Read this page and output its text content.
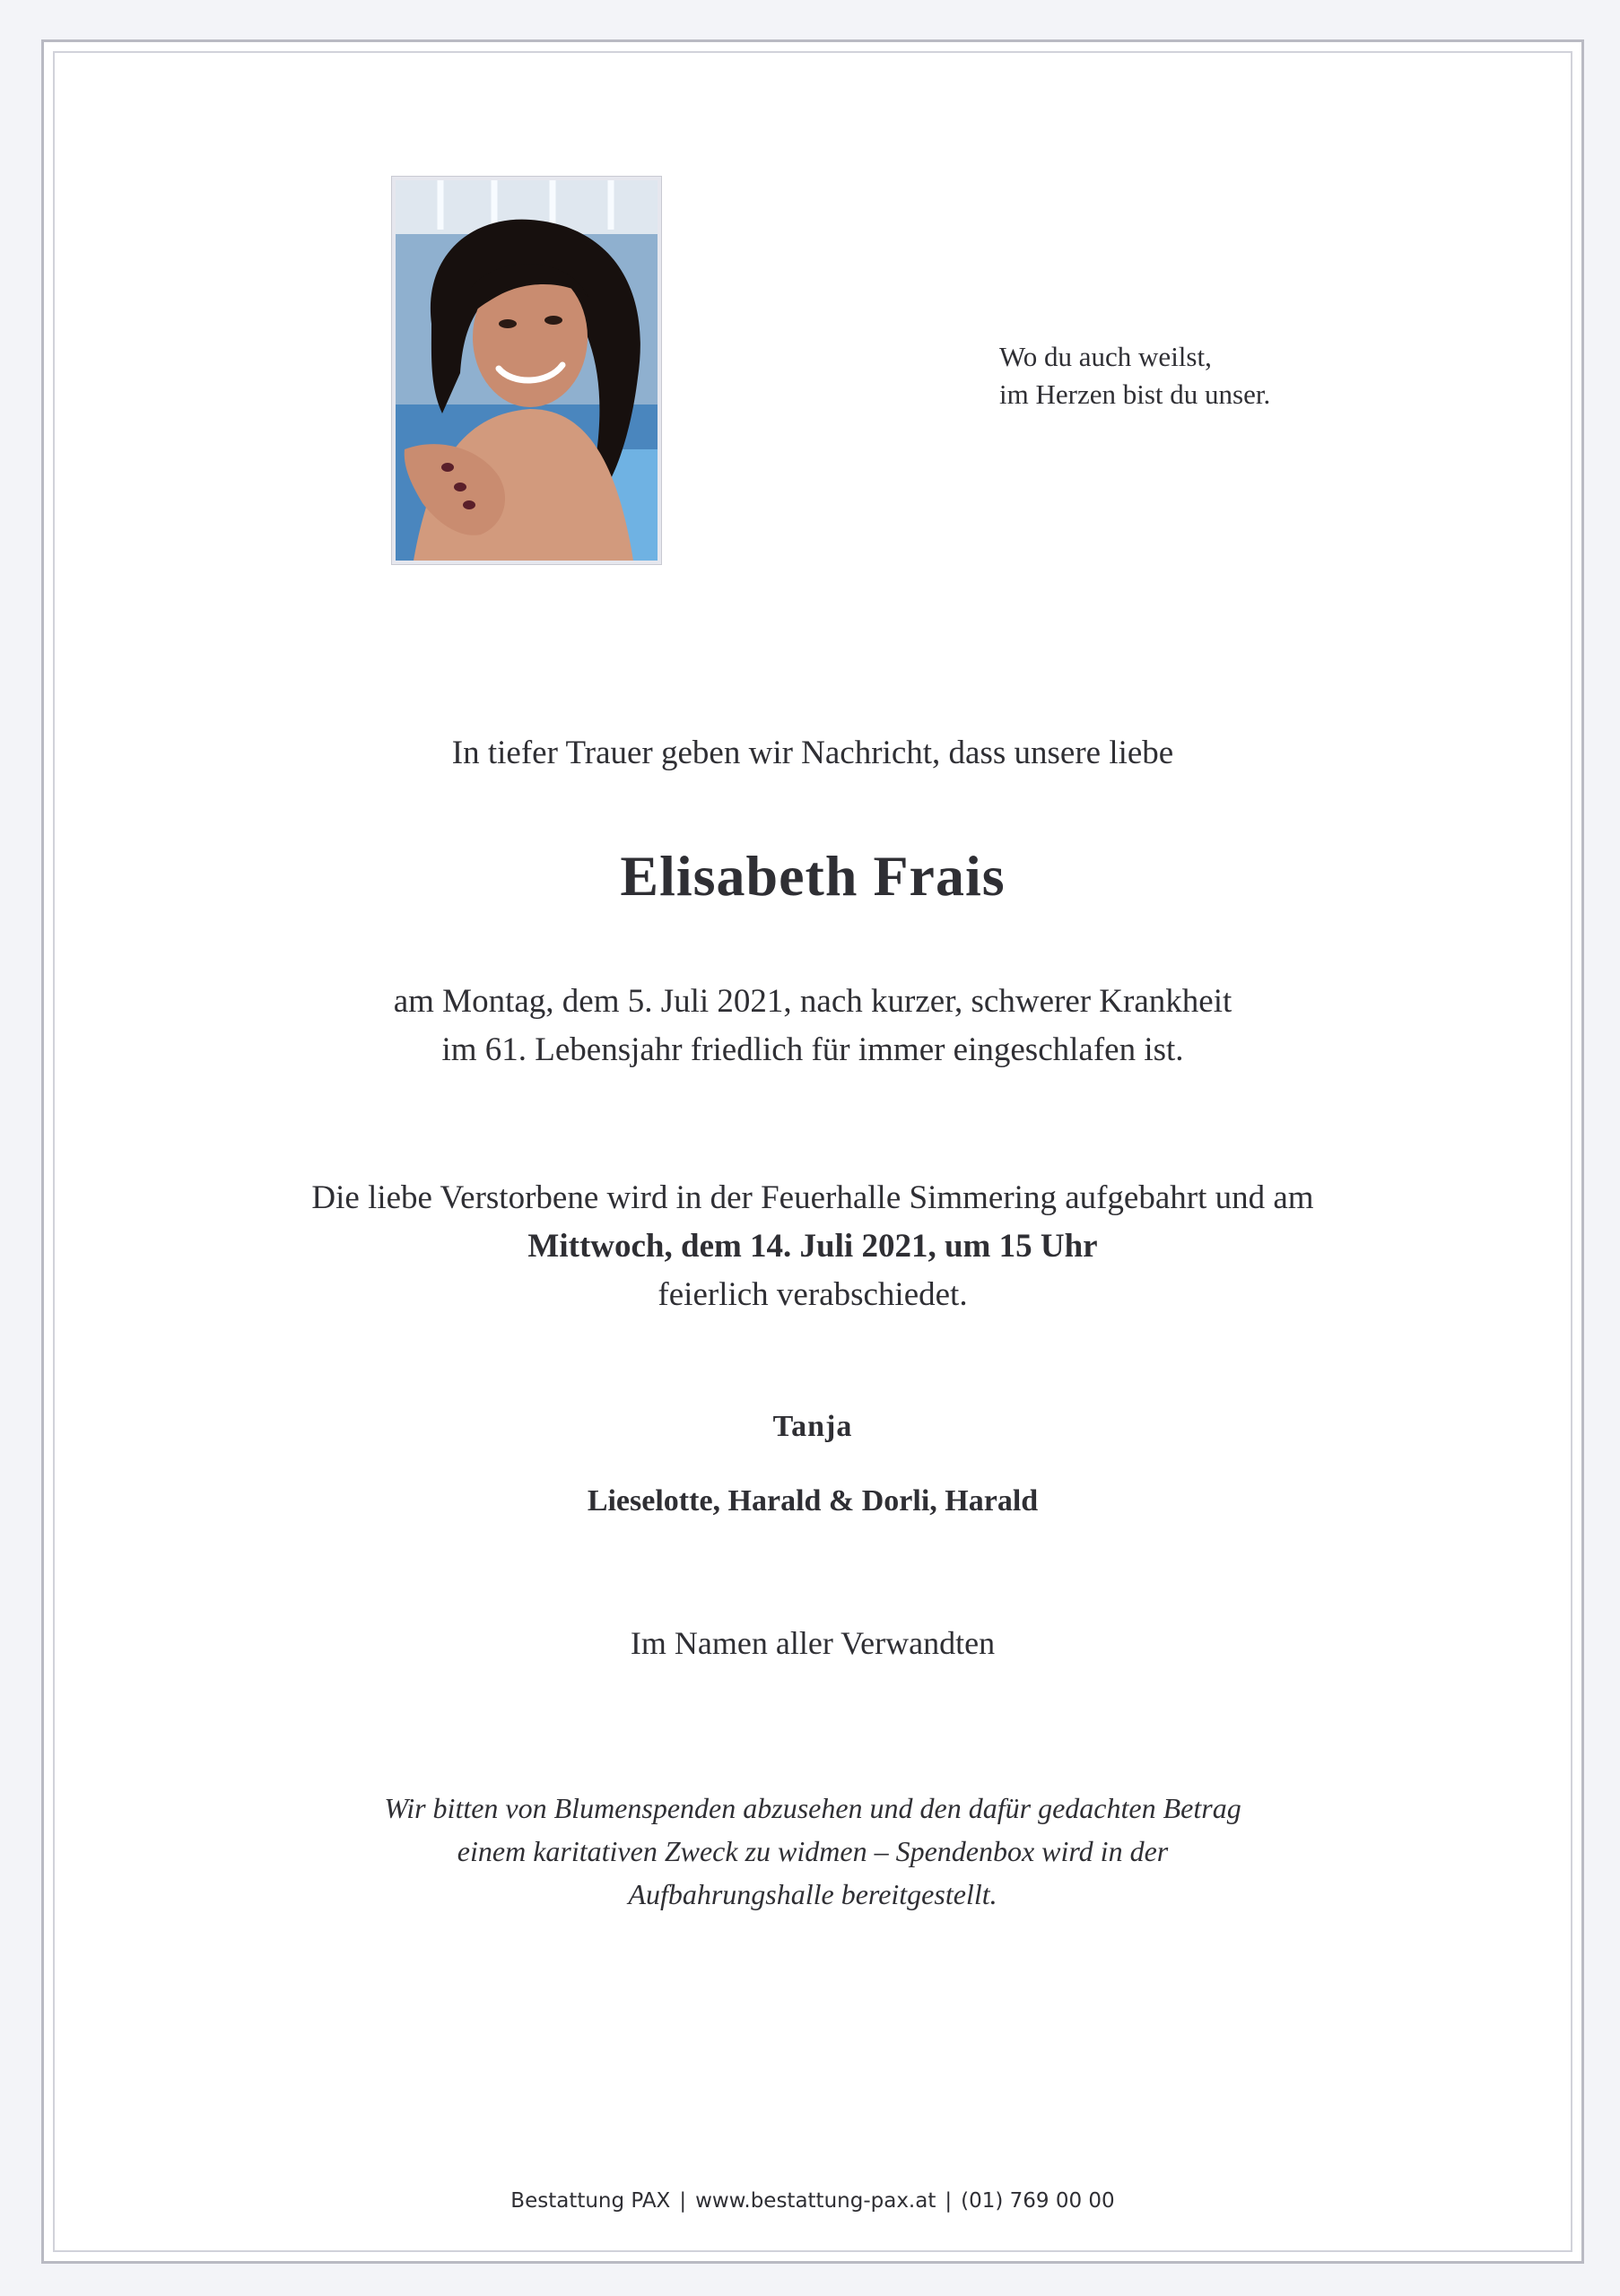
Wo du auch weilst,
im Herzen bist du unser.
In tiefer Trauer geben wir Nachricht, dass unsere liebe
Elisabeth Frais
am Montag, dem 5. Juli 2021, nach kurzer, schwerer Krankheit
im 61. Lebensjahr friedlich für immer eingeschlafen ist.
Die liebe Verstorbene wird in der Feuerhalle Simmering aufgebahrt und am
Mittwoch, dem 14. Juli 2021, um 15 Uhr
feierlich verabschiedet.
Tanja
Lieselotte, Harald & Dorli, Harald
Im Namen aller Verwandten
Wir bitten von Blumenspenden abzusehen und den dafür gedachten Betrag
einem karitativen Zweck zu widmen – Spendenbox wird in der
Aufbahrungshalle bereitgestellt.
Bestattung PAX | www.bestattung-pax.at | (01) 769 00 00
